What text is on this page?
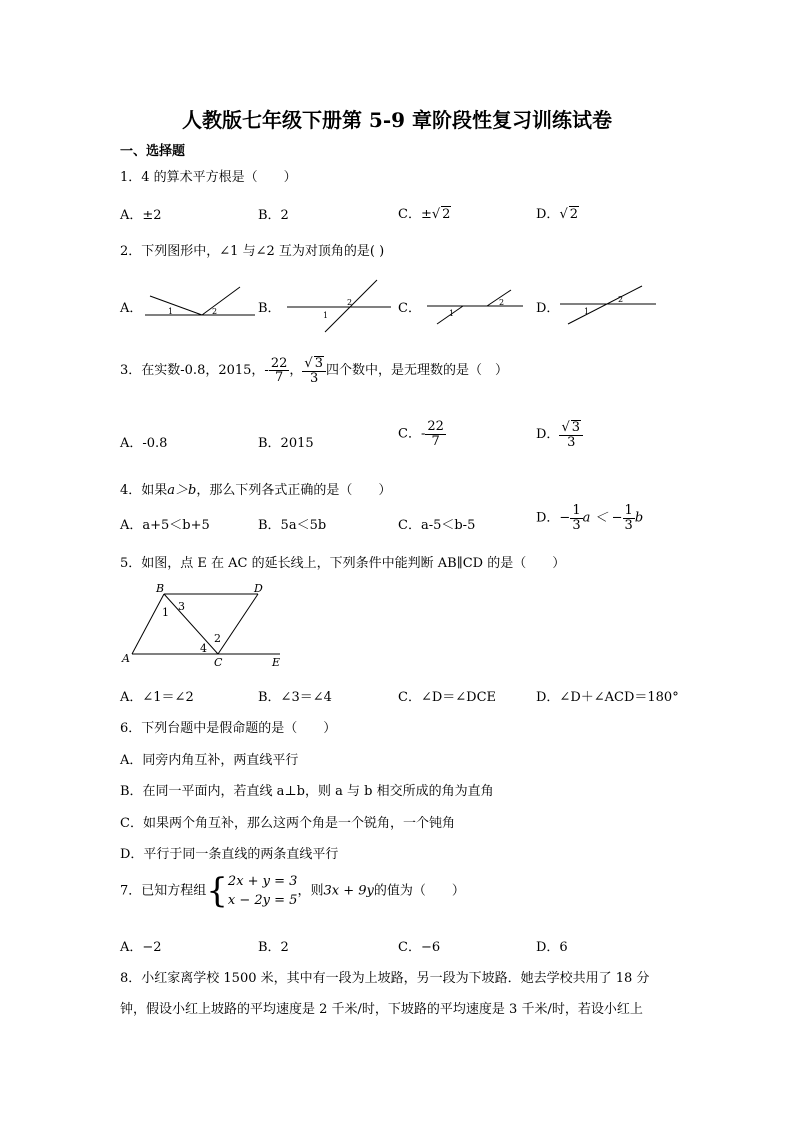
人教版七年级下册第 5-9 章阶段性复习训练试卷
一、选择题
1．4 的算术平方根是（　　）
A．±2	B．2	C．±√ 2	D．√ 2
2．下列图形中，∠1 与∠2 互为对顶角的是( )
A．	B．	C．	D．
1	2	1
2
1
2
1
2
3．在实数-0.8，2015，- $\frac{22}{7}$ ， $\frac{√ 3}{3}$ 四个数中，是无理数的是（　）
A．-0.8	B．2015
C．- $\frac{22}{7}$	D． $\frac{√ 3}{3}$
4．如果a＞b，那么下列各式正确的是（　　）
A．a+5＜b+5	B．5a＜5b	C．a-5＜b-5	D．− $\frac{1}{3}$ a ＜ − $\frac{1}{3}$ b
5．如图，点 E 在 AC 的延长线上，下列条件中能判断 AB∥CD 的是（　　）
B	D
A	C	E
1 3
2
4
A．∠1＝∠2	B．∠3＝∠4	C．∠D＝∠DCE	D．∠D＋∠ACD＝180°
6．下列台题中是假命题的是（　　）
A．同旁内角互补，两直线平行
B．在同一平面内，若直线 a⊥b，则 a 与 b 相交所成的角为直角
C．如果两个角互补，那么这两个角是一个锐角，一个钝角
D．平行于同一条直线的两条直线平行
7．已知方程组{ 2x + y = 3
x − 2y = 5
，则3x + 9y的值为（　　）
A．−2	B．2	C．−6	D．6
8．小红家离学校 1500 米，其中有一段为上坡路，另一段为下坡路．她去学校共用了 18 分
钟，假设小红上坡路的平均速度是 2 千米/时，下坡路的平均速度是 3 千米/时，若设小红上
